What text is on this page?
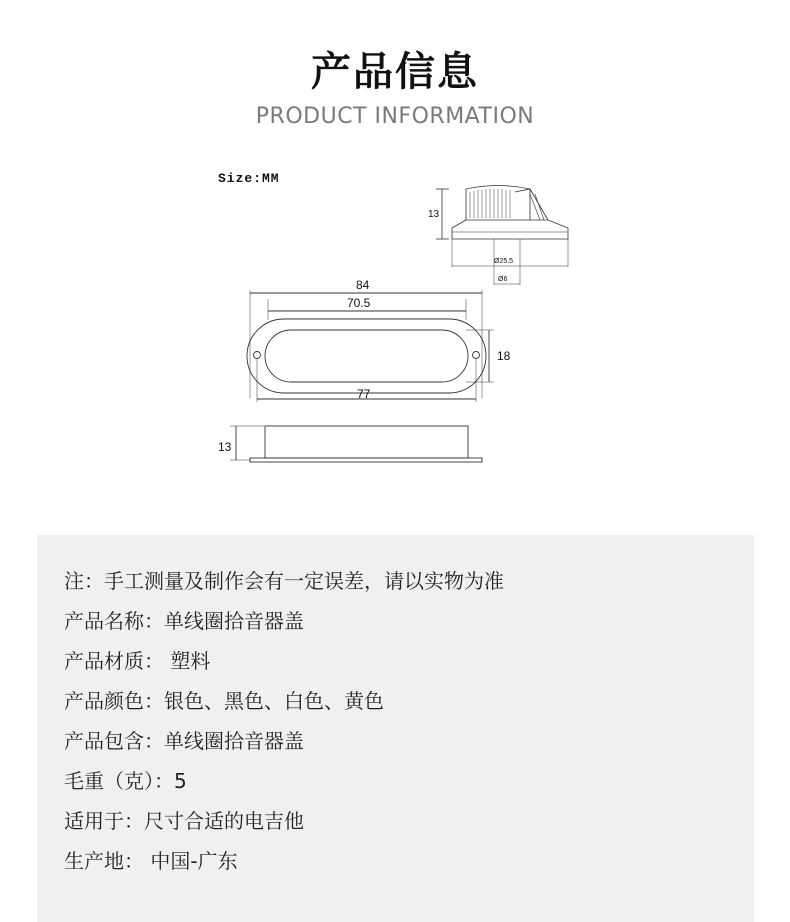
产品信息
PRODUCT INFORMATION
Size:MM
13
Ø25.5
Ø6
84
70.5
18
77
13
注：手工测量及制作会有一定误差，请以实物为准
产品名称：单线圈拾音器盖
产品材质： 塑料
产品颜色：银色、黑色、白色、黄色
产品包含：单线圈拾音器盖
毛重（克）：5
适用于：尺寸合适的电吉他
生产地： 中国-广东
